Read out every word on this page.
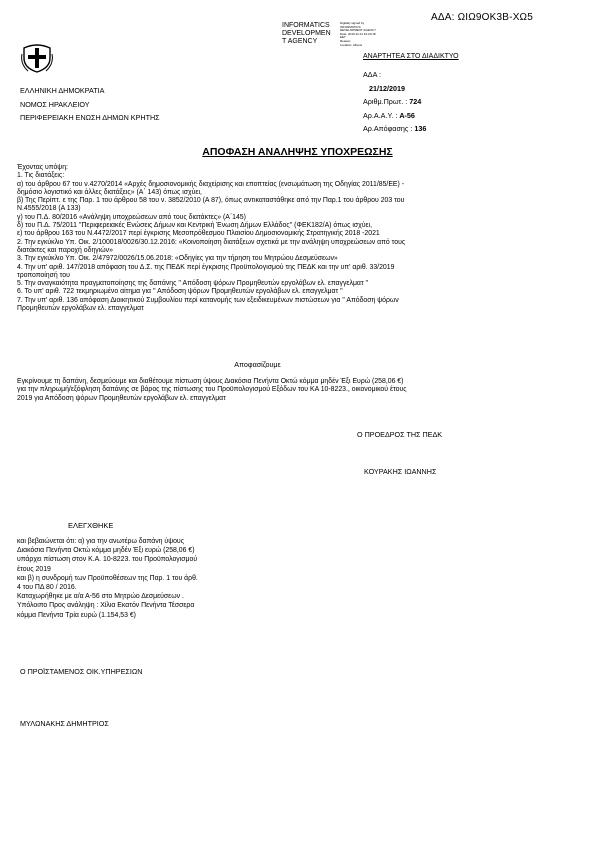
ΑΔΑ: ΩΙΩ9ΟΚ3Β-ΧΩ5
INFORMATICS
DEVELOPMEN
T AGENCY
Digitally signed by
INFORMATICS
DEVELOPMENT AGENCY
Date: 2019.12.21 10:20:18
EET
Reason:
Location: Athens
ΑΝΑΡΤΗΤΕΑ ΣΤΟ ΔΙΑΔΙΚΤΥΟ
ΕΛΛΗΝΙΚΗ ΔΗΜΟΚΡΑΤΙΑ
ΝΟΜΟΣ ΗΡΑΚΛΕΙΟΥ
ΠΕΡΙΦΕΡΕΙΑΚΗ ΕΝΩΣΗ ΔΗΜΩΝ ΚΡΗΤΗΣ
ΑΔΑ :
21/12/2019
Αριθμ.Πρωτ. : 724
Αρ.Α.Α.Υ. : Α-56
Αρ.Απόφασης : 136
ΑΠΟΦΑΣΗ ΑΝΑΛΗΨΗΣ ΥΠΟΧΡΕΩΣΗΣ
Έχοντας υπόψη:
1. Τις διατάξεις:
α) του άρθρου 67 του ν.4270/2014 «Αρχές δημοσιονομικής διαχείρισης και εποπτείας (ενσωμάτωση της Οδηγίας 2011/85/ΕΕ) -
δημόσιο λογιστικό και άλλες διατάξεις» (Α΄ 143) όπως ισχύει,
β) Της Περίπτ. ε της Παρ. 1 του άρθρου 58 του ν. 3852/2010 (Α 87), όπως αντικαταστάθηκε από την Παρ.1 του άρθρου 203 του
Ν.4555/2018 (Α 133)
γ) του Π.Δ. 80/2016 «Ανάληψη υποχρεώσεων από τους διατάκτες» (Α΄145)
δ) του Π.Δ. 75/2011 ''Περιφερειακές Ενώσεις Δήμων και Κεντρική Ένωση Δήμων Ελλάδος'' (ΦΕΚ182/Α) όπως ισχύει,
ε) του άρθρου 163 του Ν.4472/2017 περί έγκρισης Μεσοπρόθεσμου Πλαισίου Δημοσιονομικής Στρατηγικής 2018 -2021
2. Την εγκύκλιο Υπ. Οικ. 2/100018/0026/30.12.2016: «Κοινοποίηση διατάξεων σχετικά με την ανάληψη υποχρεώσεων από τους
διατάκτες και παροχή οδηγιών»
3. Την εγκύκλιο Υπ. Οικ. 2/47972/0026/15.06.2018: «Οδηγίες για την τήρηση του Μητρώου Δεσμεύσεων»
4. Την υπ' αριθ. 147/2018 απόφαση του Δ.Σ. της ΠΕΔΚ περί έγκρισης Προϋπολογισμού της ΠΕΔΚ και την υπ' αριθ. 33/2019
τροποποίησή του
5. Την αναγκαιότητα πραγματοποίησης της δαπάνης '' Απόδοση ψόρων Προμηθευτών εργολάβων ελ. επαγγελματ ''
6. Το υπ' αριθ. 722 τεκμηριωμένο αίτημα για '' Απόδοση ψόρων Προμηθευτών εργολάβων ελ. επαγγελματ ''
7. Την υπ' αριθ. 136 απόφαση Διοικητικού Συμβουλίου περί κατανομής των εξειδικευμένων πιστώσεων για '' Απόδοση ψόρων
Προμηθευτών εργολάβων ελ. επαγγελματ
Αποφασίζουμε
Εγκρίνουμε τη δαπάνη, δεσμεύουμε και διαθέτουμε πίστωση ύψους Διακόσια Πενήντα Οκτώ κόμμα μηδέν Έξι Ευρώ (258,06 €)
για την πληρωμή/εξόφληση δαπάνης σε βάρος της πίστωσης του Προϋπολογισμού Εξόδων του ΚΑ 10-8223., οικονομικού έτους
2019 για Απόδοση ψόρων Προμηθευτών εργολάβων ελ. επαγγελματ
Ο ΠΡΟΕΔΡΟΣ ΤΗΣ ΠΕΔΚ
ΚΟΥΡΑΚΗΣ ΙΩΑΝΝΗΣ
ΕΛΕΓΧΘΗΚΕ
και βεβαιώνεται ότι: α) για την ανωτέρω δαπάνη ύψους
Διακόσια Πενήντα Οκτώ κόμμα μηδέν Έξι ευρώ (258,06 €)
υπάρχει πίστωση στον Κ.Α. 10-8223. του Προϋπολογισμού
έτους 2019
και β) η συνδρομή των Προϋποθέσεων της Παρ. 1 του άρθ.
4 του ΠΔ 80 / 2016.
Καταχωρήθηκε με α/α Α-56 στο Μητρώο Δεσμεύσεων .
Υπόλοιπο Προς ανάληψη : Χίλια Εκατόν Πενήντα Τέσσερα
κόμμα Πενήντα Τρία ευρώ (1.154,53 €)
Ο ΠΡΟΪΣΤΑΜΕΝΟΣ ΟΙΚ.ΥΠΗΡΕΣΙΩΝ
ΜΥΛΩΝΑΚΗΣ ΔΗΜΗΤΡΙΟΣ
